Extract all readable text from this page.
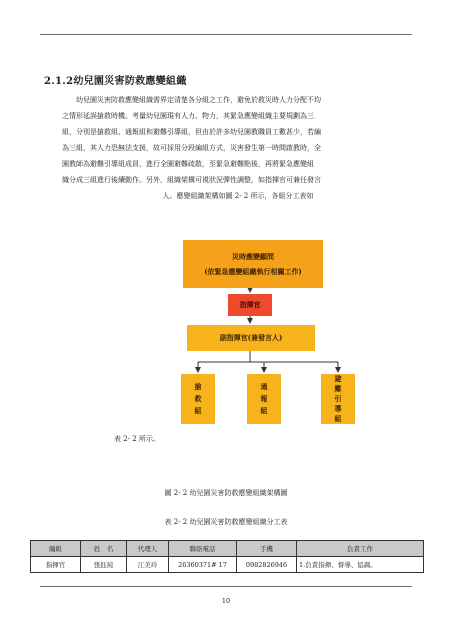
2.1.2幼兒園災害防救應變組織
幼兒園災害防救應變組織需界定清楚各分組之工作，避免於救災時人力分配不均
之情形延誤搶救時機。考量幼兒園現有人力、物力，其緊急應變組織主要規劃為三
組，分別是搶救組、通報組和避難引導組，但由於許多幼兒園教職員工數甚少，若編
為三組，其人力恐無法支援，故可採用分段編組方式，災害發生第一時間啟教時，全
園教師為避難引導組成員，進行全園避難疏散，至緊急避難點後，再將緊急應變組
織分成三組進行後續動作。另外，組織架構可視狀況彈性調整，如指揮官可兼任發言
人。應變組織架構如圖 2- 2 所示，各組分工表如
災時應變顧問
(依緊急應變組織執行相關工作)
指揮官
副指揮官(兼發言人)
搶
救
組
通
報
組
避
難
引
導
組
表 2- 2 所示。
圖 2- 2 幼兒園災害防救應變組織架構圖
表 2- 2 幼兒園災害防救應變組織分工表
編組	姓　名	代理人	聯絡電話	手機	負責工作
指揮官	張鈺純	江美玲	26360371# 17	0982826946	1.負責指揮、督導、協調。
10
